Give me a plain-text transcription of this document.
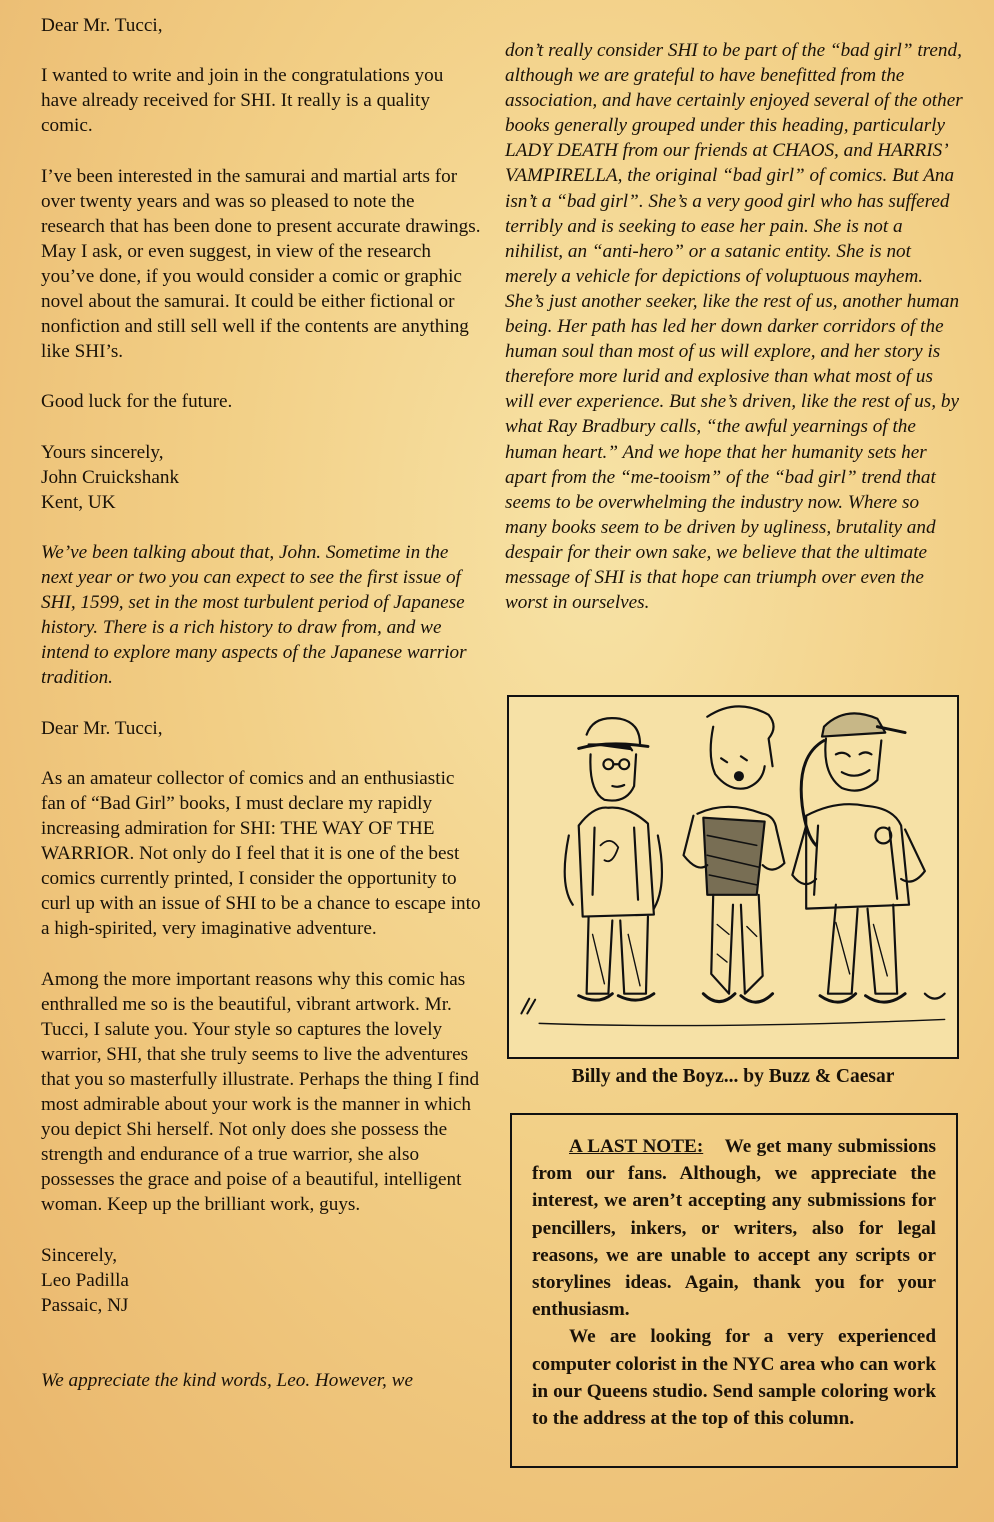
Dear Mr. Tucci,

I wanted to write and join in the congratulations you have already received for SHI. It really is a quality comic.

I’ve been interested in the samurai and martial arts for over twenty years and was so pleased to note the research that has been done to present accurate drawings. May I ask, or even suggest, in view of the research you’ve done, if you would consider a comic or graphic novel about the samurai. It could be either fictional or nonfiction and still sell well if the contents are anything like SHI’s.

Good luck for the future.

Yours sincerely,
John Cruickshank

Kent, UK

We’ve been talking about that, John. Sometime in the next year or two you can expect to see the first issue of SHI, 1599, set in the most turbulent period of Japanese history. There is a rich history to draw from, and we intend to explore many aspects of the Japanese warrior tradition.

Dear Mr. Tucci,

As an amateur collector of comics and an enthusiastic fan of “Bad Girl” books, I must declare my rapidly increasing admiration for SHI: THE WAY OF THE WARRIOR. Not only do I feel that it is one of the best comics currently printed, I consider the opportunity to curl up with an issue of SHI to be a chance to escape into a high-spirited, very imaginative adventure.

Among the more important reasons why this comic has enthralled me so is the beautiful, vibrant artwork. Mr. Tucci, I salute you. Your style so captures the lovely warrior, SHI, that she truly seems to live the adventures that you so masterfully illustrate. Perhaps the thing I find most admirable about your work is the manner in which you depict Shi herself. Not only does she possess the strength and endurance of a true warrior, she also possesses the grace and poise of a beautiful, intelligent woman. Keep up the brilliant work, guys.

Sincerely,
Leo Padilla
Passaic, NJ
We appreciate the kind words, Leo. However, we

don’t really consider SHI to be part of the “bad girl” trend, although we are grateful to have benefitted from the association, and have certainly enjoyed several of the other books generally grouped under this heading, particularly LADY DEATH from our friends at CHAOS, and HARRIS’ VAMPIRELLA, the original “bad girl” of comics. But Ana isn’t a “bad girl”. She’s a very good girl who has suffered terribly and is seeking to ease her pain. She is not a nihilist, an “anti-hero” or a satanic entity. She is not merely a vehicle for depictions of voluptuous mayhem. She’s just another seeker, like the rest of us, another human being. Her path has led her down darker corridors of the human soul than most of us will explore, and her story is therefore more lurid and explosive than what most of us will ever experience. But she’s driven, like the rest of us, by what Ray Bradbury calls, “the awful yearnings of the human heart.” And we hope that her humanity sets her apart from the “me-tooism” of the “bad girl” trend that seems to be overwhelming the industry now. Where so many books seem to be driven by ugliness, brutality and despair for their own sake, we believe that the ultimate message of SHI is that hope can triumph over even the worst in ourselves.

Billy and the Boyz... by Buzz & Caesar

A LAST NOTE: We get many submissions from our fans. Although, we appreciate the interest, we aren’t accepting any submissions for pencillers, inkers, or writers, also for legal reasons, we are unable to accept any scripts or storylines ideas. Again, thank you for your enthusiasm.

We are looking for a very experienced computer colorist in the NYC area who can work in our Queens studio. Send sample coloring work to the address at the top of this column.
